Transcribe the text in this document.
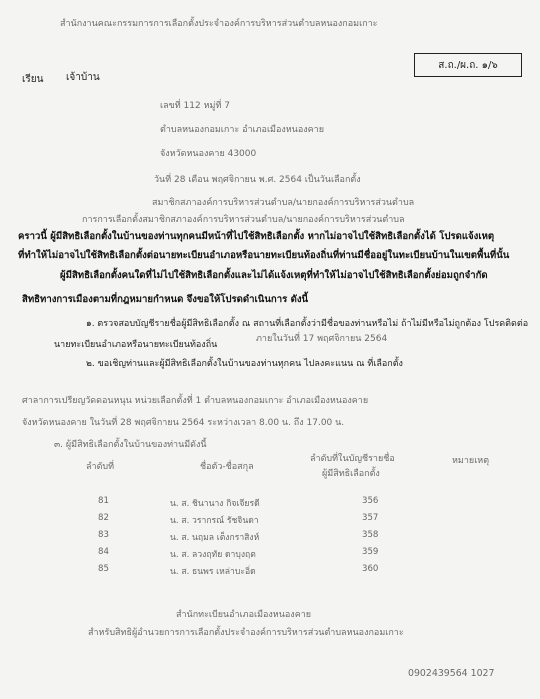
สำนักงานคณะกรรมการการเลือกตั้งประจำองค์การบริหารส่วนตำบลหนองกอมเกาะ
ส.ถ./ผ.ถ. ๑/๖
เรียน เจ้าบ้าน
เลขที่ 112 หมู่ที่ 7
ตำบลหนองกอมเกาะ อำเภอเมืองหนองคาย
จังหวัดหนองคาย 43000
วันที่ 28 เดือน พฤศจิกายน พ.ศ. 2564 เป็นวันเลือกตั้ง
สมาชิกสภาองค์การบริหารส่วนตำบล/นายกองค์การบริหารส่วนตำบล
การการเลือกตั้งสมาชิกสภาองค์การบริหารส่วนตำบล/นายกองค์การบริหารส่วนตำบล
คราวนี้ ผู้มีสิทธิเลือกตั้งในบ้านของท่านทุกคนมีหน้าที่ไปใช้สิทธิเลือกตั้ง หากไม่อาจไปใช้สิทธิเลือกตั้งได้ โปรดแจ้งเหตุ
ที่ทำให้ไม่อาจไปใช้สิทธิเลือกตั้งต่อนายทะเบียนอำเภอหรือนายทะเบียนท้องถิ่นที่ท่านมีชื่ออยู่ในทะเบียนบ้านในเขตพื้นที่นั้น
ผู้มีสิทธิเลือกตั้งคนใดที่ไม่ไปใช้สิทธิเลือกตั้งและไม่ได้แจ้งเหตุที่ทำให้ไม่อาจไปใช้สิทธิเลือกตั้งย่อมถูกจำกัด
สิทธิทางการเมืองตามที่กฎหมายกำหนด จึงขอให้โปรดดำเนินการ ดังนี้
๑. ตรวจสอบบัญชีรายชื่อผู้มีสิทธิเลือกตั้ง ณ สถานที่เลือกตั้งว่ามีชื่อของท่านหรือไม่ ถ้าไม่มีหรือไม่ถูกต้อง โปรดติดต่อ
นายทะเบียนอำเภอหรือนายทะเบียนท้องถิ่น
ภายในวันที่ 17 พฤศจิกายน 2564
๒. ขอเชิญท่านและผู้มีสิทธิเลือกตั้งในบ้านของท่านทุกคน ไปลงคะแนน ณ ที่เลือกตั้ง
ศาลาการเปรียญวัดดอนหนุน หน่วยเลือกตั้งที่ 1 ตำบลหนองกอมเกาะ อำเภอเมืองหนองคาย
จังหวัดหนองคาย ในวันที่ 28 พฤศจิกายน 2564 ระหว่างเวลา 8.00 น. ถึง 17.00 น.
๓. ผู้มีสิทธิเลือกตั้งในบ้านของท่านมีดังนี้
ลำดับที่	ชื่อตัว-ชื่อสกุล
ลำดับที่ในบัญชีรายชื่อ
ผู้มีสิทธิเลือกตั้ง
หมายเหตุ
81	น. ส. ชินานาง กิจเจียรดี	356
82	น. ส. วรากรณ์ รัชจินดา	357
83	น. ส. นฤมล เต็งกราสิงห์	358
84	น. ส. ลวงฤทัย ดาบุงฤต	359
85	น. ส. ธนพร เหล่าบะอิ่ด	360
สำนักทะเบียนอำเภอเมืองหนองคาย
สำหรับสิทธิผู้อำนวยการการเลือกตั้งประจำองค์การบริหารส่วนตำบลหนองกอมเกาะ
0902439564 1027
